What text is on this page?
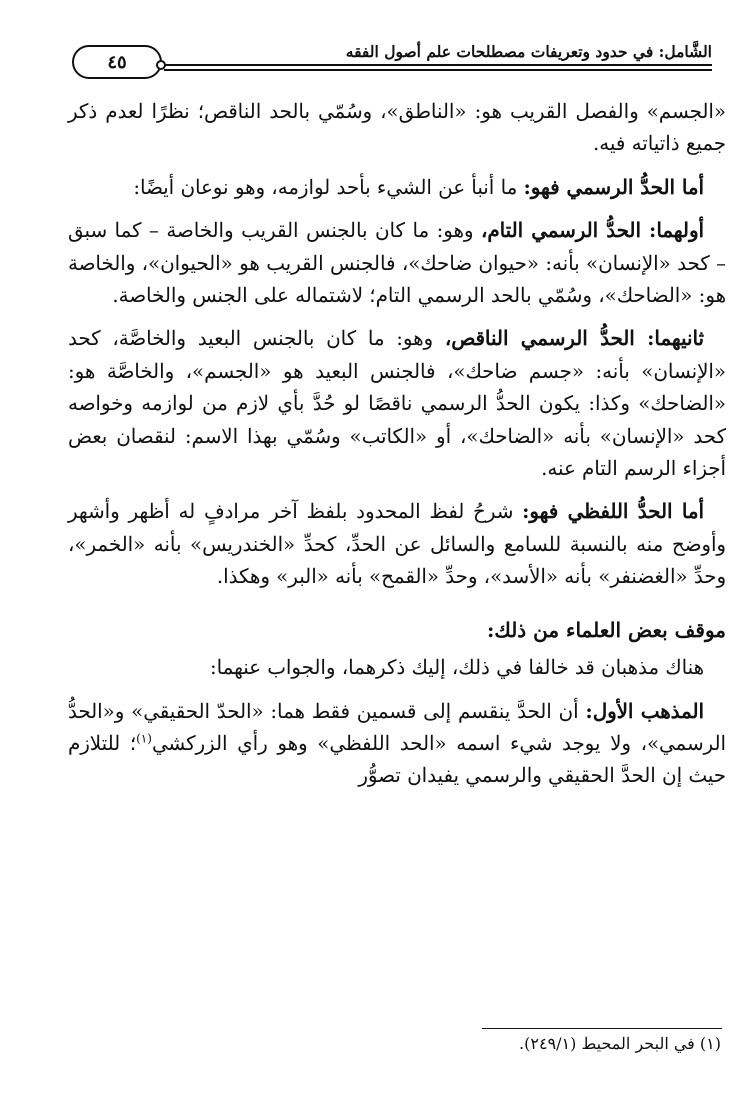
الشَّامل: في حدود وتعريفات مصطلحات علم أصول الفقه
٤٥

«الجسم» والفصل القريب هو: «الناطق»، وسُمّي بالحد الناقص؛ نظرًا لعدم ذكر جميع ذاتياته فيه.

أما الحدُّ الرسمي فهو: ما أنبأ عن الشيء بأحد لوازمه، وهو نوعان أيضًا:

أولهما: الحدُّ الرسمي التام، وهو: ما كان بالجنس القريب والخاصة – كما سبق – كحد «الإنسان» بأنه: «حيوان ضاحك»، فالجنس القريب هو «الحيوان»، والخاصة هو: «الضاحك»، وسُمّي بالحد الرسمي التام؛ لاشتماله على الجنس والخاصة.

ثانيهما: الحدُّ الرسمي الناقص، وهو: ما كان بالجنس البعيد والخاصَّة، كحد «الإنسان» بأنه: «جسم ضاحك»، فالجنس البعيد هو «الجسم»، والخاصَّة هو: «الضاحك» وكذا: يكون الحدُّ الرسمي ناقصًا لو حُدَّ بأي لازم من لوازمه وخواصه كحد «الإنسان» بأنه «الضاحك»، أو «الكاتب» وسُمّي بهذا الاسم: لنقصان بعض أجزاء الرسم التام عنه.

أما الحدُّ اللفظي فهو: شرحُ لفظ المحدود بلفظ آخر مرادفٍ له أظهر وأشهر وأوضح منه بالنسبة للسامع والسائل عن الحدِّ، كحدِّ «الخندريس» بأنه «الخمر»، وحدِّ «الغضنفر» بأنه «الأسد»، وحدِّ «القمح» بأنه «البر» وهكذا.

موقف بعض العلماء من ذلك:

هناك مذهبان قد خالفا في ذلك، إليك ذكرهما، والجواب عنهما:

المذهب الأول: أن الحدَّ ينقسم إلى قسمين فقط هما: «الحدّ الحقيقي» و«الحدُّ الرسمي»، ولا يوجد شيء اسمه «الحد اللفظي» وهو رأي الزركشي$^{(١)}$؛ للتلازم حيث إن الحدَّ الحقيقي والرسمي يفيدان تصوُّر

(١) في البحر المحيط (٢٤٩/١).
